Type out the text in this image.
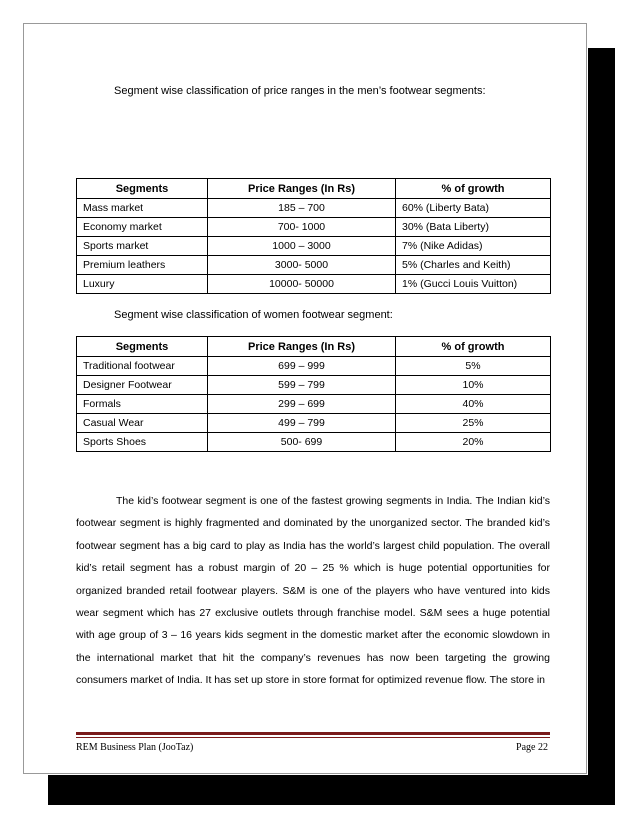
Segment wise classification of price ranges in the men’s footwear segments:
Segments	Price Ranges (In Rs)	% of growth
Mass market	185 – 700	60% (Liberty Bata)
Economy market	700- 1000	30% (Bata Liberty)
Sports market	1000 – 3000	7% (Nike Adidas)
Premium leathers	3000- 5000	5% (Charles and Keith)
Luxury	10000- 50000	1% (Gucci Louis Vuitton)
Segment wise classification of women footwear segment:
Segments	Price Ranges (In Rs)	% of growth
Traditional footwear	699 – 999	5%
Designer Footwear	599 – 799	10%
Formals	299 – 699	40%
Casual Wear	499 – 799	25%
Sports Shoes	500- 699	20%

The kid’s footwear segment is one of the fastest growing segments in India. The Indian kid’s footwear segment is highly fragmented and dominated by the unorganized sector. The branded kid’s footwear segment has a big card to play as India has the world’s largest child population. The overall kid’s retail segment has a robust margin of 20 – 25 % which is huge potential opportunities for organized branded retail footwear players. S&M is one of the players who have ventured into kids wear segment which has 27 exclusive outlets through franchise model. S&M sees a huge potential with age group of 3 – 16 years kids segment in the domestic market after the economic slowdown in the international market that hit the company’s revenues has now been targeting the growing consumers market of India. It has set up store in store format for optimized revenue flow. The store in

REM Business Plan (JooTaz)	Page 22
